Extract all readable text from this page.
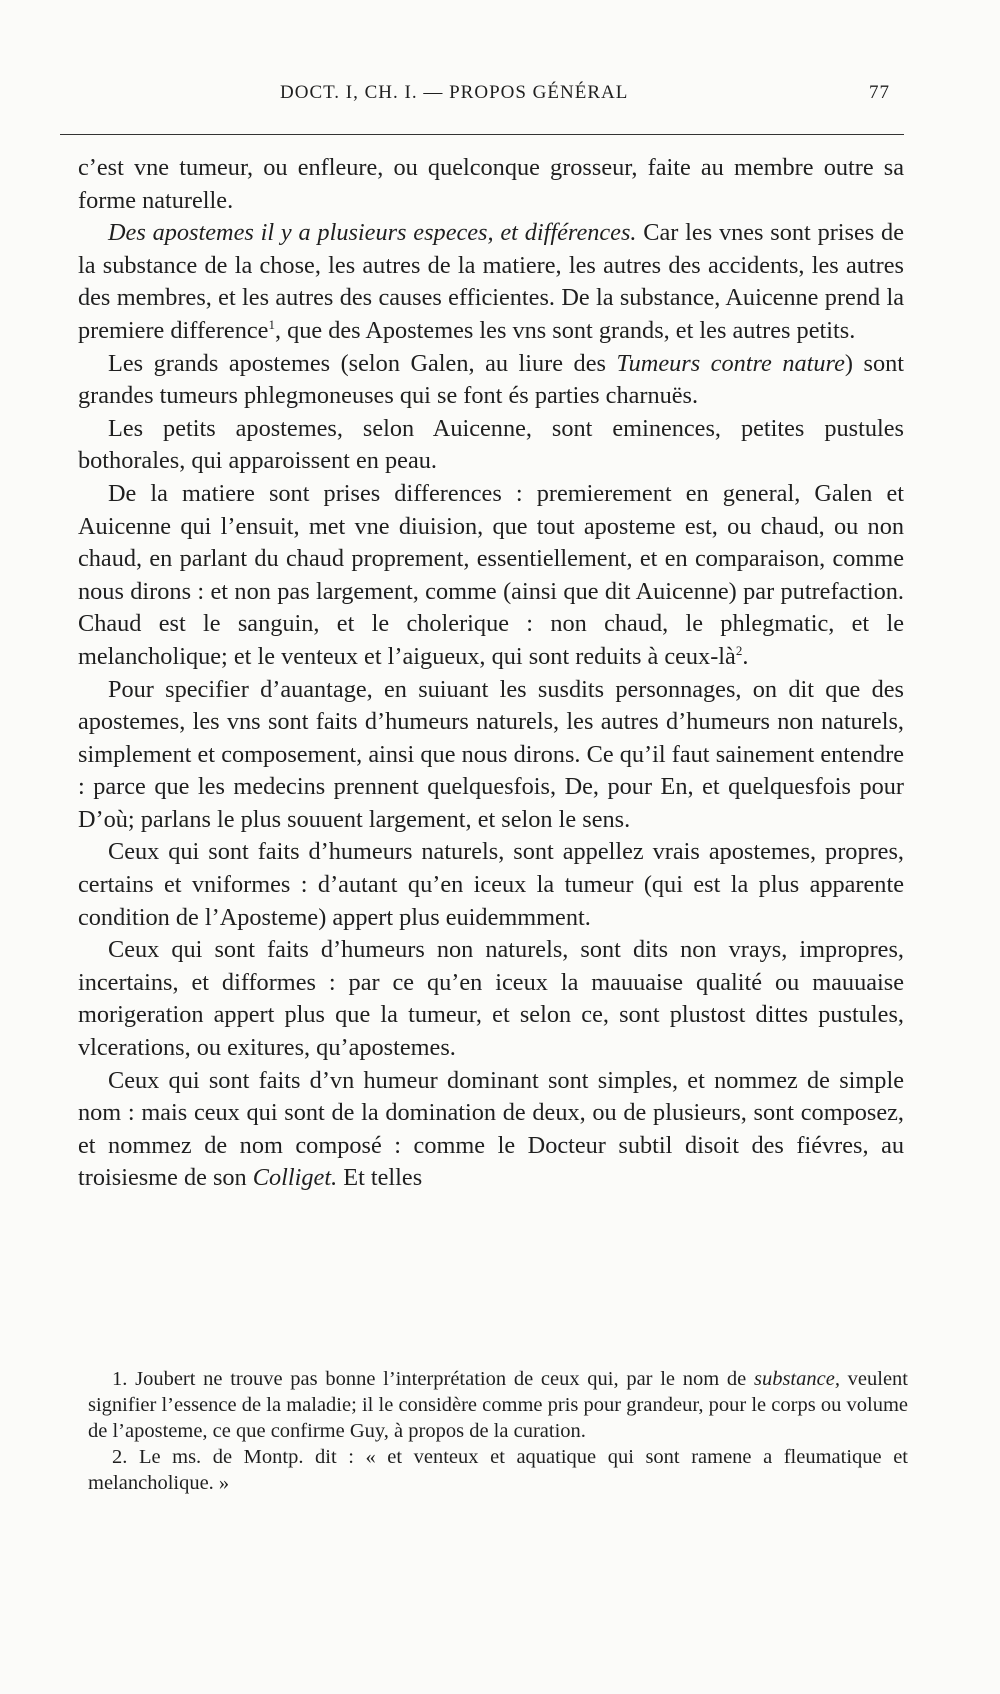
DOCT. I, CH. I. — PROPOS GÉNÉRAL	77

c’est vne tumeur, ou enfleure, ou quelconque grosseur, faite au membre outre sa forme naturelle.

Des apostemes il y a plusieurs especes, et différences. Car les vnes sont prises de la substance de la chose, les autres de la matiere, les autres des accidents, les autres des membres, et les autres des causes efficientes. De la substance, Auicenne prend la premiere difference$^1$, que des Apostemes les vns sont grands, et les autres petits.

Les grands apostemes (selon Galen, au liure des Tumeurs contre nature) sont grandes tumeurs phlegmoneuses qui se font és parties charnuës.

Les petits apostemes, selon Auicenne, sont eminences, petites pustules bothorales, qui apparoissent en peau.

De la matiere sont prises differences : premierement en general, Galen et Auicenne qui l’ensuit, met vne diuision, que tout aposteme est, ou chaud, ou non chaud, en parlant du chaud proprement, essentiellement, et en comparaison, comme nous dirons : et non pas largement, comme (ainsi que dit Auicenne) par putrefaction. Chaud est le sanguin, et le cholerique : non chaud, le phlegmatic, et le melancholique; et le venteux et l’aigueux, qui sont reduits à ceux-$là^2$.

Pour specifier d’auantage, en suiuant les susdits personnages, on dit que des apostemes, les vns sont faits d’humeurs naturels, les autres d’humeurs non naturels, simplement et composement, ainsi que nous dirons. Ce qu’il faut sainement entendre : parce que les medecins prennent quelquesfois, De, pour En, et quelquesfois pour D’où; parlans le plus souuent largement, et selon le sens.

Ceux qui sont faits d’humeurs naturels, sont appellez vrais apostemes, propres, certains et vniformes : d’autant qu’en iceux la tumeur (qui est la plus apparente condition de l’Aposteme) appert plus euidemmment.

Ceux qui sont faits d’humeurs non naturels, sont dits non vrays, impropres, incertains, et difformes : par ce qu’en iceux la mauuaise qualité ou mauuaise morigeration appert plus que la tumeur, et selon ce, sont plustost dittes pustules, vlcerations, ou exitures, qu’apostemes.

Ceux qui sont faits d’vn humeur dominant sont simples, et nommez de simple nom : mais ceux qui sont de la domination de deux, ou de plusieurs, sont composez, et nommez de nom composé : comme le Docteur subtil disoit des fiévres, au troisiesme de son Colliget. Et telles

1. Joubert ne trouve pas bonne l’interprétation de ceux qui, par le nom de substance, veulent signifier l’essence de la maladie; il le considère comme pris pour grandeur, pour le corps ou volume de l’aposteme, ce que confirme Guy, à propos de la curation.

2. Le ms. de Montp. dit : « et venteux et aquatique qui sont ramene a fleumatique et melancholique. »
